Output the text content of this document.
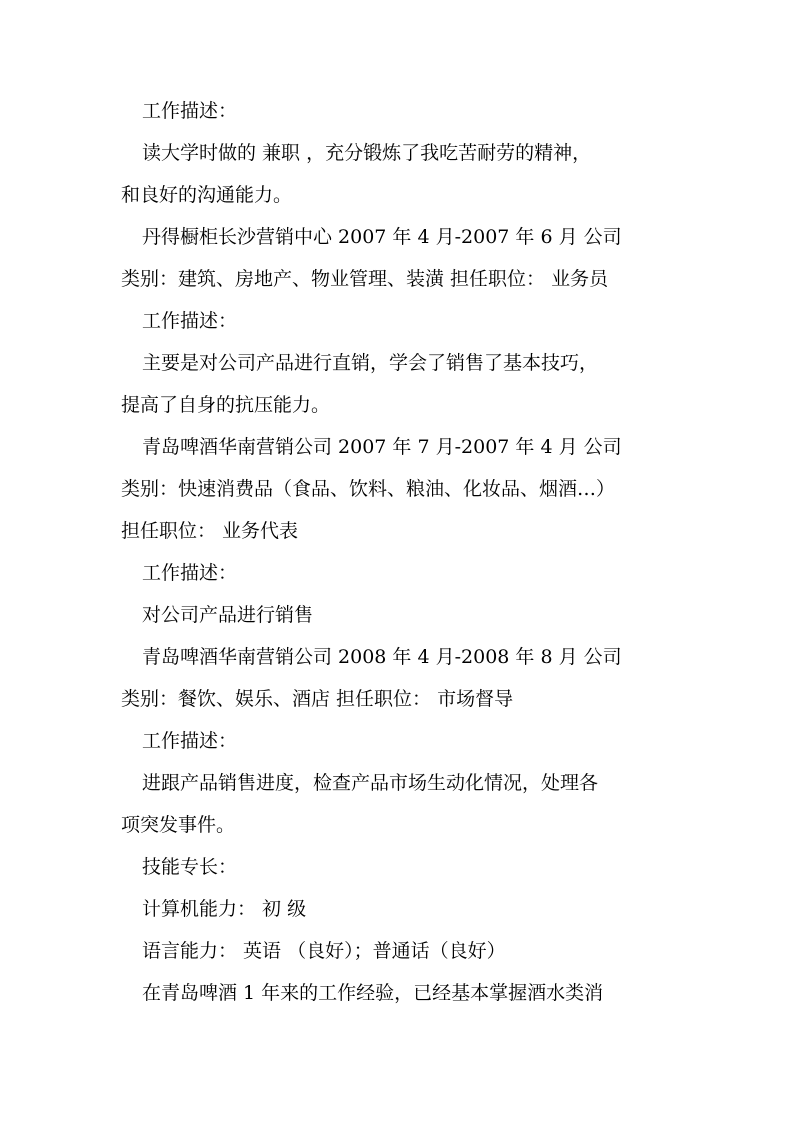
工作描述：
读大学时做的 兼职 ，充分锻炼了我吃苦耐劳的精神，
和良好的沟通能力。
丹得橱柜长沙营销中心 2007 年 4 月-2007 年 6 月 公司
类别：建筑、房地产、物业管理、装潢 担任职位： 业务员
工作描述：
主要是对公司产品进行直销，学会了销售了基本技巧，
提高了自身的抗压能力。
青岛啤酒华南营销公司 2007 年 7 月-2007 年 4 月 公司
类别：快速消费品（食品、饮料、粮油、化妆品、烟酒…）
担任职位： 业务代表
工作描述：
对公司产品进行销售
青岛啤酒华南营销公司 2008 年 4 月-2008 年 8 月 公司
类别：餐饮、娱乐、酒店 担任职位： 市场督导
工作描述：
进跟产品销售进度，检查产品市场生动化情况，处理各
项突发事件。
技能专长：
计算机能力： 初 级
语言能力： 英语 （良好）；普通话（良好）
在青岛啤酒 1 年来的工作经验，已经基本掌握酒水类消
